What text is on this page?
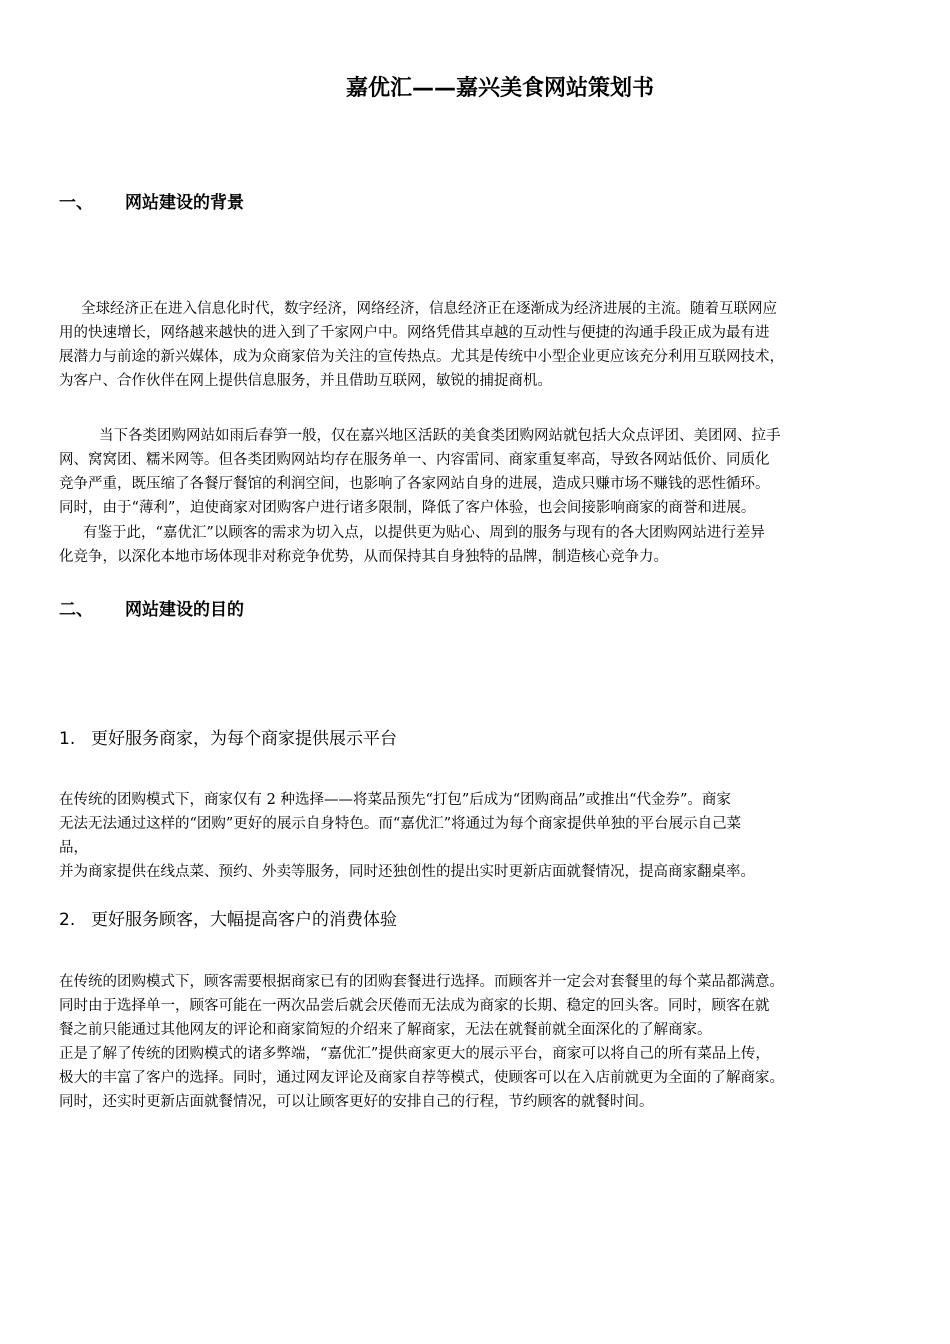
嘉优汇——嘉兴美食网站策划书
一、 网站建设的背景
全球经济正在进入信息化时代，数字经济，网络经济，信息经济正在逐渐成为经济进展的主流。随着互联网应
用的快速增长，网络越来越快的进入到了千家网户中。网络凭借其卓越的互动性与便捷的沟通手段正成为最有进
展潜力与前途的新兴媒体，成为众商家倍为关注的宣传热点。尤其是传统中小型企业更应该充分利用互联网技术，
为客户、合作伙伴在网上提供信息服务，并且借助互联网，敏锐的捕捉商机。
当下各类团购网站如雨后春笋一般，仅在嘉兴地区活跃的美食类团购网站就包括大众点评团、美团网、拉手
网、窝窝团、糯米网等。但各类团购网站均存在服务单一、内容雷同、商家重复率高，导致各网站低价、同质化
竞争严重，既压缩了各餐厅餐馆的利润空间，也影响了各家网站自身的进展，造成只赚市场不赚钱的恶性循环。
同时，由于“薄利”，迫使商家对团购客户进行诸多限制，降低了客户体验，也会间接影响商家的商誉和进展。
有鉴于此，“嘉优汇”以顾客的需求为切入点，以提供更为贴心、周到的服务与现有的各大团购网站进行差异
化竞争，以深化本地市场体现非对称竞争优势，从而保持其自身独特的品牌，制造核心竞争力。
二、 网站建设的目的
1. 更好服务商家，为每个商家提供展示平台
在传统的团购模式下，商家仅有 2 种选择——将菜品预先“打包”后成为“团购商品”或推出“代金券”。商家
无法无法通过这样的“团购”更好的展示自身特色。而“嘉优汇”将通过为每个商家提供单独的平台展示自己菜
品，
并为商家提供在线点菜、预约、外卖等服务，同时还独创性的提出实时更新店面就餐情况，提高商家翻桌率。
2. 更好服务顾客，大幅提高客户的消费体验
在传统的团购模式下，顾客需要根据商家已有的团购套餐进行选择。而顾客并一定会对套餐里的每个菜品都满意。
同时由于选择单一，顾客可能在一两次品尝后就会厌倦而无法成为商家的长期、稳定的回头客。同时，顾客在就
餐之前只能通过其他网友的评论和商家简短的介绍来了解商家，无法在就餐前就全面深化的了解商家。
正是了解了传统的团购模式的诸多弊端，“嘉优汇”提供商家更大的展示平台，商家可以将自己的所有菜品上传，
极大的丰富了客户的选择。同时，通过网友评论及商家自荐等模式，使顾客可以在入店前就更为全面的了解商家。
同时，还实时更新店面就餐情况，可以让顾客更好的安排自己的行程，节约顾客的就餐时间。
